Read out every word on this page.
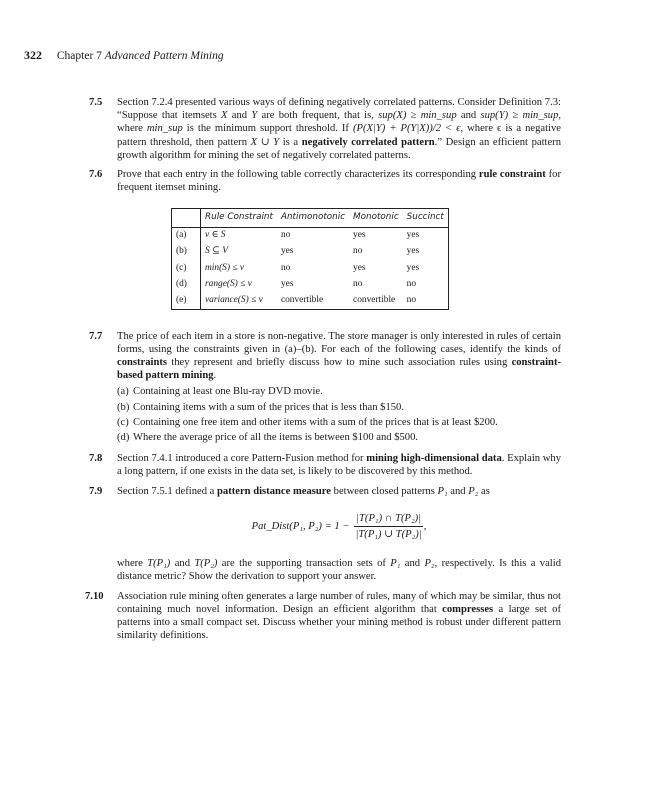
322 Chapter 7 Advanced Pattern Mining
7.5	Section 7.2.4 presented various ways of defining negatively correlated patterns. Consider Definition 7.3: “Suppose that itemsets X and Y are both frequent, that is, sup(X) ≥ min_sup and sup(Y) ≥ min_sup, where min_sup is the minimum support threshold. If (P(X|Y) + P(Y|X))/2 < ϵ, where ϵ is a negative pattern threshold, then pattern X ∪ Y is a negatively correlated pattern.” Design an efficient pattern growth algorithm for mining the set of negatively correlated patterns.
7.6	Prove that each entry in the following table correctly characterizes its corresponding rule constraint for frequent itemset mining.
	Rule Constraint	Antimonotonic	Monotonic	Succinct
(a)	v ∈ S	no	yes	yes
(b)	S ⊆ V	yes	no	yes
(c)	min(S) ≤ v	no	yes	yes
(d)	range(S) ≤ v	yes	no	no
(e)	variance(S) ≤ v	convertible	convertible	no
7.7	The price of each item in a store is non-negative. The store manager is only interested in rules of certain forms, using the constraints given in (a)–(b). For each of the following cases, identify the kinds of constraints they represent and briefly discuss how to mine such association rules using constraint-based pattern mining.
(a) Containing at least one Blu-ray DVD movie.
(b) Containing items with a sum of the prices that is less than $150.
(c) Containing one free item and other items with a sum of the prices that is at least $200.
(d) Where the average price of all the items is between $100 and $500.
7.8	Section 7.4.1 introduced a core Pattern-Fusion method for mining high-dimensional data. Explain why a long pattern, if one exists in the data set, is likely to be discovered by this method.
7.9	Section 7.5.1 defined a pattern distance measure between closed patterns P₁ and P₂ as
Pat_Dist(P₁, $P_2) = 1 - \frac{\text{|T(P₁) ∩ T(P₂)|}}{\text{|T(P₁) ∪ T(P₂)|}}$ ,
where T(P₁) and T(P₂) are the supporting transaction sets of P₁ and P₂, respectively. Is this a valid distance metric? Show the derivation to support your answer.
7.10	Association rule mining often generates a large number of rules, many of which may be similar, thus not containing much novel information. Design an efficient algorithm that compresses a large set of patterns into a small compact set. Discuss whether your mining method is robust under different pattern similarity definitions.
